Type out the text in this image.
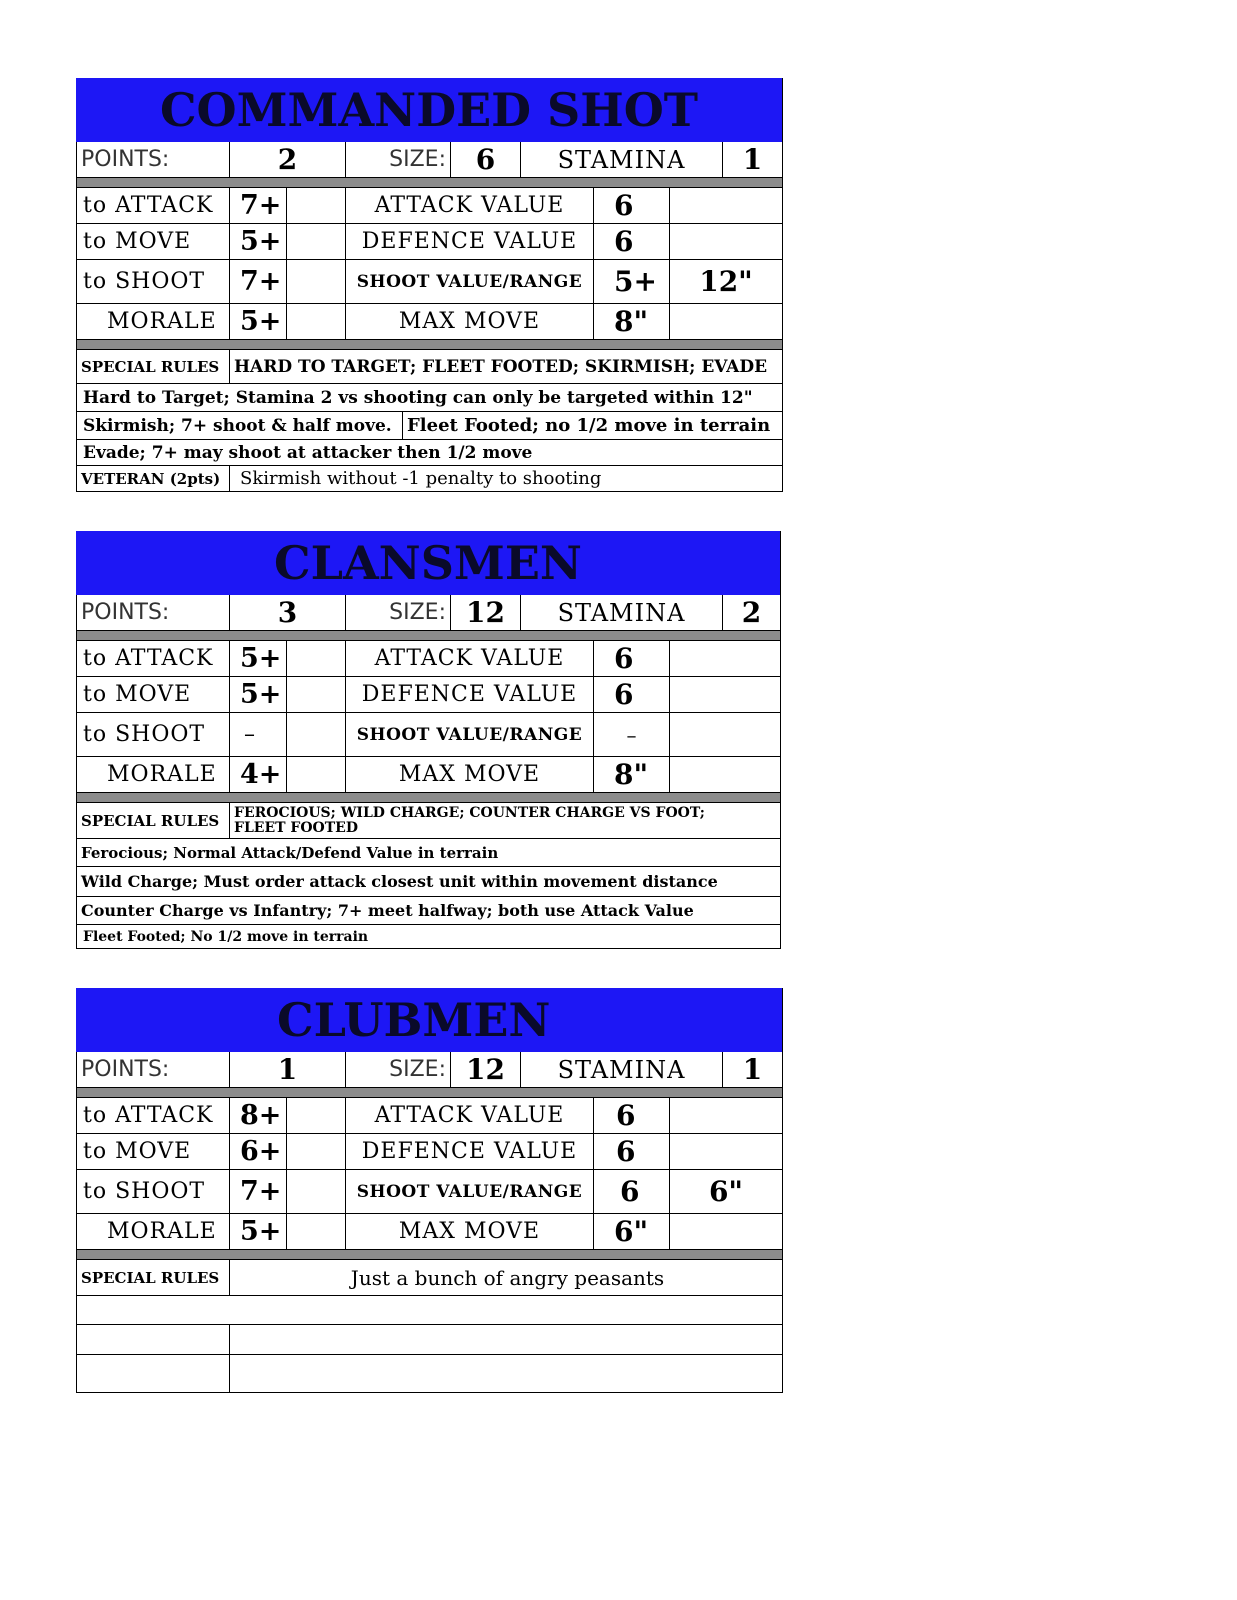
COMMANDED SHOT
POINTS:	2	SIZE:	6	STAMINA	1
to ATTACK 7+	ATTACK VALUE	6
to MOVE	5+	DEFENCE VALUE	6
to SHOOT	7+	SHOOT VALUE/RANGE	5+	12"
MORALE 5+	MAX MOVE	8"
SPECIAL RULES HARD TO TARGET; FLEET FOOTED; SKIRMISH; EVADE
Hard to Target; Stamina 2 vs shooting can only be targeted within 12"
Skirmish; 7+ shoot & half move. Fleet Footed; no 1/2 move in terrain
Evade; 7+ may shoot at attacker then 1/2 move
VETERAN (2pts)	Skirmish without -1 penalty to shooting
CLANSMEN
POINTS:	3	SIZE: 12	STAMINA	2
to ATTACK 5+	ATTACK VALUE	6
to MOVE	5+	DEFENCE VALUE	6
to SHOOT	–	SHOOT VALUE/RANGE	–
MORALE 4+	MAX MOVE	8"
SPECIAL RULES	FEROCIOUS; WILD CHARGE; COUNTER CHARGE VS FOOT;
FLEET FOOTED
Ferocious; Normal Attack/Defend Value in terrain
Wild Charge; Must order attack closest unit within movement distance
Counter Charge vs Infantry; 7+ meet halfway; both use Attack Value
Fleet Footed; No 1/2 move in terrain
CLUBMEN
POINTS:	1	SIZE: 12	STAMINA	1
to ATTACK 8+	ATTACK VALUE	6
to MOVE	6+	DEFENCE VALUE	6
to SHOOT	7+	SHOOT VALUE/RANGE	6	6"
MORALE 5+	MAX MOVE	6"
SPECIAL RULES	Just a bunch of angry peasants
